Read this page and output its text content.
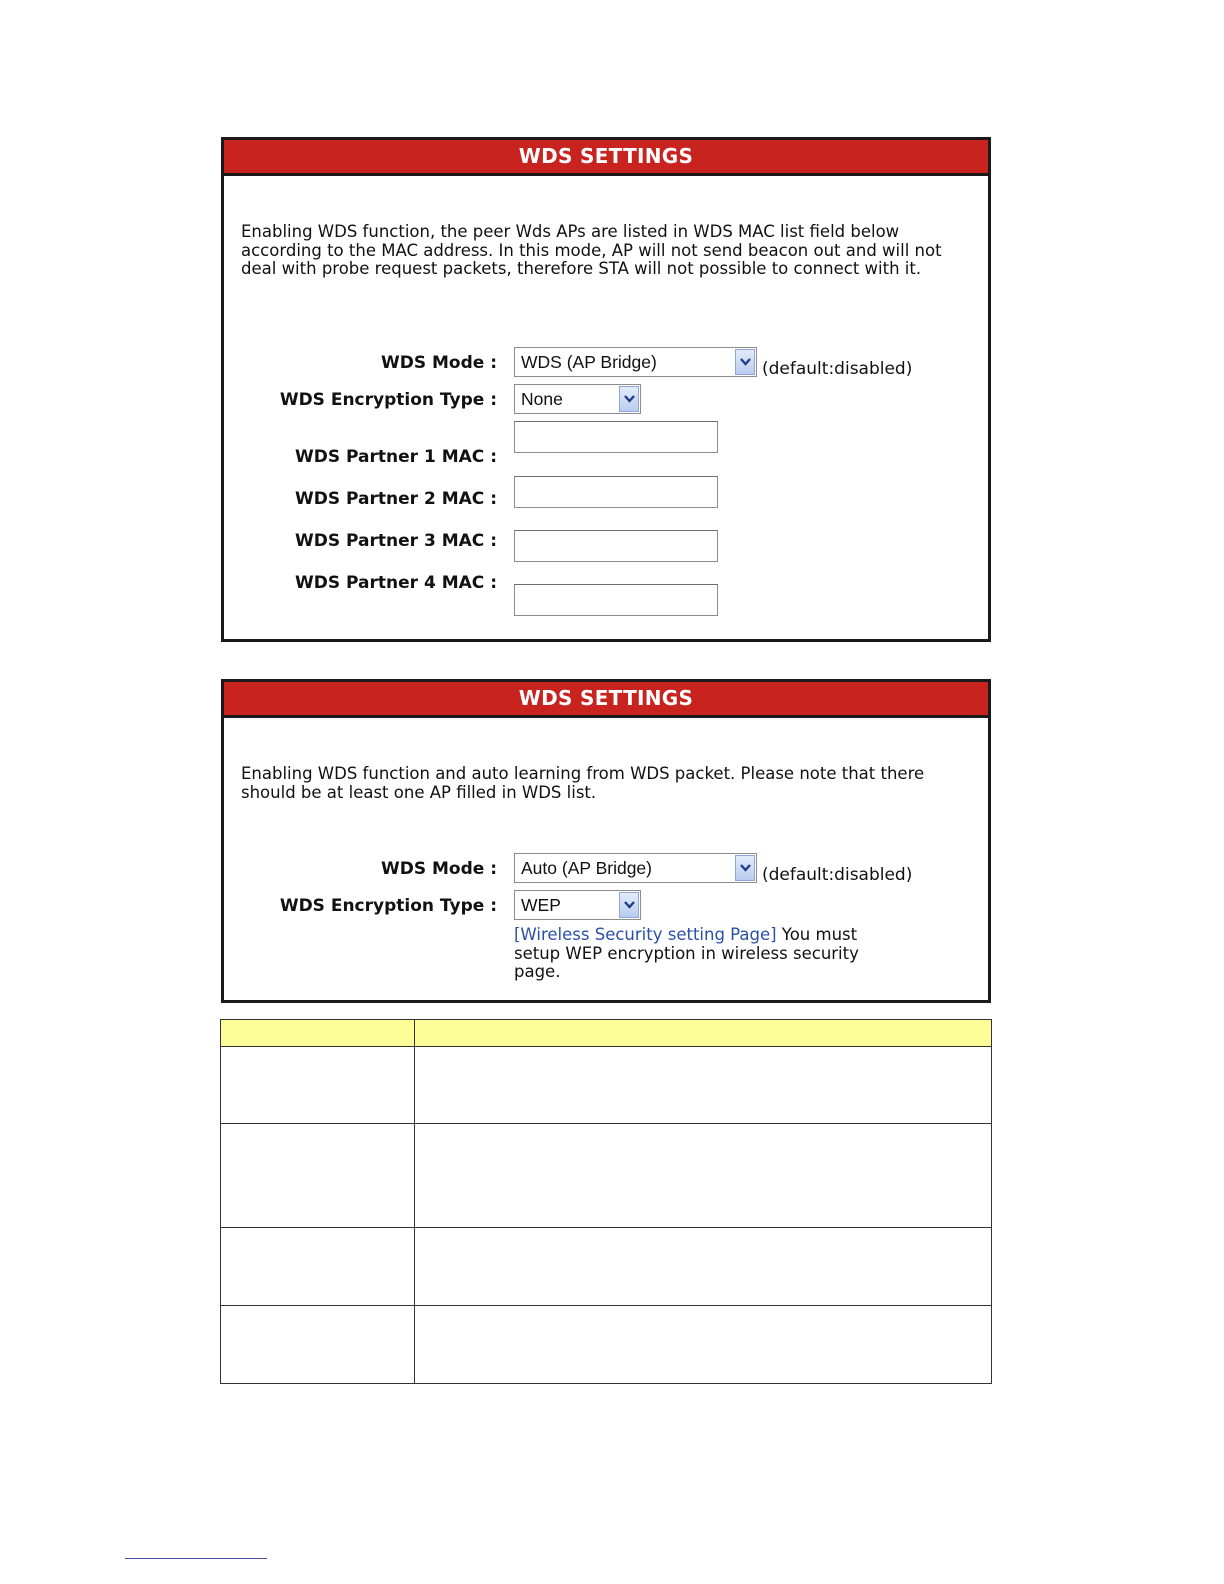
WDS SETTINGS
Enabling WDS function, the peer Wds APs are listed in WDS MAC list field below according to the MAC address. In this mode, AP will not send beacon out and will not deal with probe request packets, therefore STA will not possible to connect with it.
WDS Mode : WDS (AP Bridge)	(default:disabled)
WDS Encryption Type : None
WDS Partner 1 MAC :
WDS Partner 2 MAC :
WDS Partner 3 MAC :
WDS Partner 4 MAC :
WDS SETTINGS
Enabling WDS function and auto learning from WDS packet. Please note that there should be at least one AP filled in WDS list.
WDS Mode : Auto (AP Bridge)	(default:disabled)
WDS Encryption Type : WEP
[Wireless Security setting Page] You must setup WEP encryption in wireless security page.
